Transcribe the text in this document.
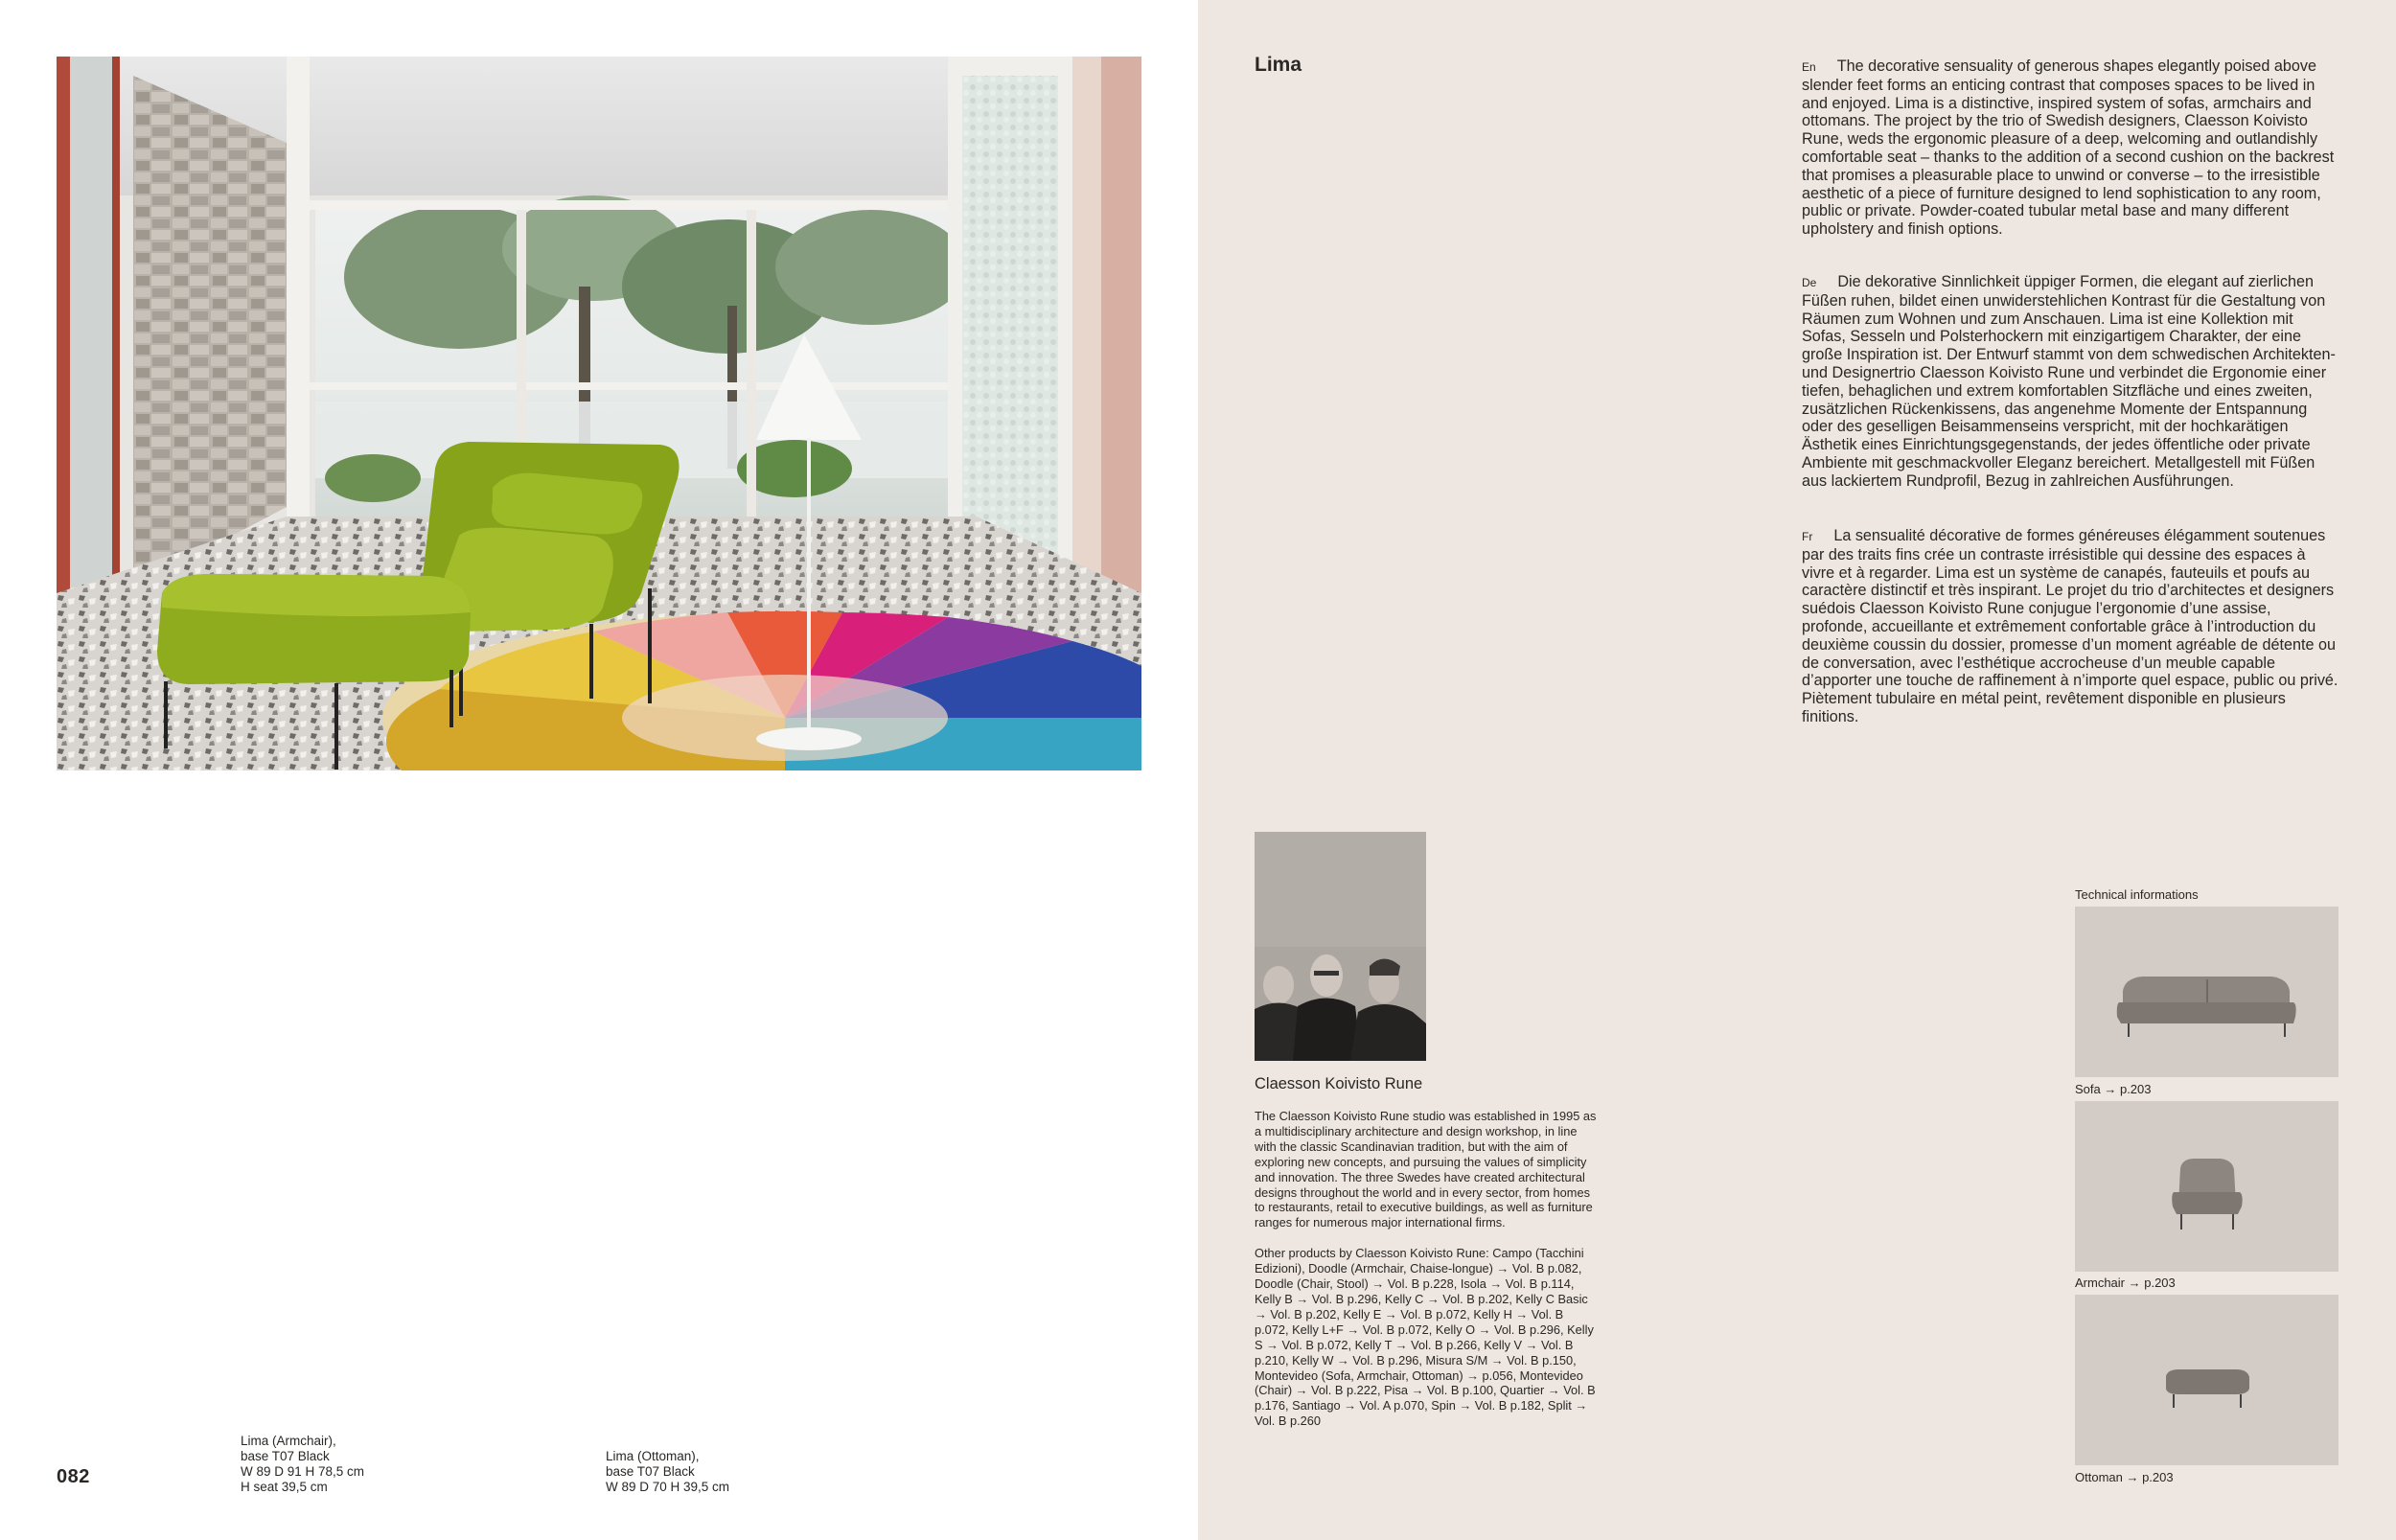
Lima (Armchair),
base T07 Black
W 89 D 91 H 78,5 cm
H seat 39,5 cm
Lima (Ottoman),
base T07 Black
W 89 D 70 H 39,5 cm
082
Lima	En The decorative sensuality of generous shapes elegantly poised above slender feet forms an enticing contrast that composes spaces to be lived in and enjoyed. Lima is a distinctive, inspired system of sofas, armchairs and ottomans. The project by the trio of Swedish designers, Claesson Koivisto Rune, weds the ergonomic pleasure of a deep, welcoming and outlandishly comfortable seat – thanks to the addition of a second cushion on the backrest that promises a pleasurable place to unwind or converse – to the irresistible aesthetic of a piece of furniture designed to lend sophistication to any room, public or private. Powder-coated tubular metal base and many different upholstery and finish options.

De Die dekorative Sinnlichkeit üppiger Formen, die elegant auf zierlichen Füßen ruhen, bildet einen unwiderstehlichen Kontrast für die Gestaltung von Räumen zum Wohnen und zum Anschauen. Lima ist eine Kollektion mit Sofas, Sesseln und Polsterhockern mit einzigartigem Charakter, der eine große Inspiration ist. Der Entwurf stammt von dem schwedischen Architekten- und Designertrio Claesson Koivisto Rune und verbindet die Ergonomie einer tiefen, behaglichen und extrem komfortablen Sitzfläche und eines zweiten, zusätzlichen Rückenkissens, das angenehme Momente der Entspannung oder des geselligen Beisammenseins verspricht, mit der hochkarätigen Ästhetik eines Einrichtungsgegenstands, der jedes öffentliche oder private Ambiente mit geschmackvoller Eleganz bereichert. Metallgestell mit Füßen aus lackiertem Rundprofil, Bezug in zahlreichen Ausführungen.

Fr La sensualité décorative de formes généreuses élégamment soutenues par des traits fins crée un contraste irrésistible qui dessine des espaces à vivre et à regarder. Lima est un système de canapés, fauteuils et poufs au caractère distinctif et très inspirant. Le projet du trio d’architectes et designers suédois Claesson Koivisto Rune conjugue l’ergonomie d’une assise, profonde, accueillante et extrêmement confortable grâce à l’introduction du deuxième coussin du dossier, promesse d’un moment agréable de détente ou de conversation, avec l’esthétique accrocheuse d’un meuble capable d’apporter une touche de raffinement à n’importe quel espace, public ou privé. Piètement tubulaire en métal peint, revêtement disponible en plusieurs finitions.

Claesson Koivisto Rune

The Claesson Koivisto Rune studio was established in 1995 as a multidisciplinary architecture and design workshop, in line with the classic Scandinavian tradition, but with the aim of exploring new concepts, and pursuing the values of simplicity and innovation. The three Swedes have created architectural designs throughout the world and in every sector, from homes to restaurants, retail to executive buildings, as well as furniture ranges for numerous major international firms.

Other products by Claesson Koivisto Rune: Campo (Tacchini Edizioni), Doodle (Armchair, Chaise-longue) → Vol. B p.082, Doodle (Chair, Stool) → Vol. B p.228, Isola → Vol. B p.114, Kelly B → Vol. B p.296, Kelly C → Vol. B p.202, Kelly C Basic → Vol. B p.202, Kelly E → Vol. B p.072, Kelly H → Vol. B p.072, Kelly L+F → Vol. B p.072, Kelly O → Vol. B p.296, Kelly S → Vol. B p.072, Kelly T → Vol. B p.266, Kelly V → Vol. B p.210, Kelly W → Vol. B p.296, Misura S/M → Vol. B p.150, Montevideo (Sofa, Armchair, Ottoman) → p.056, Montevideo (Chair) → Vol. B p.222, Pisa → Vol. B p.100, Quartier → Vol. B p.176, Santiago → Vol. A p.070, Spin → Vol. B p.182, Split → Vol. B p.260

Technical informations
Sofa → p.203
Armchair → p.203
Ottoman → p.203
